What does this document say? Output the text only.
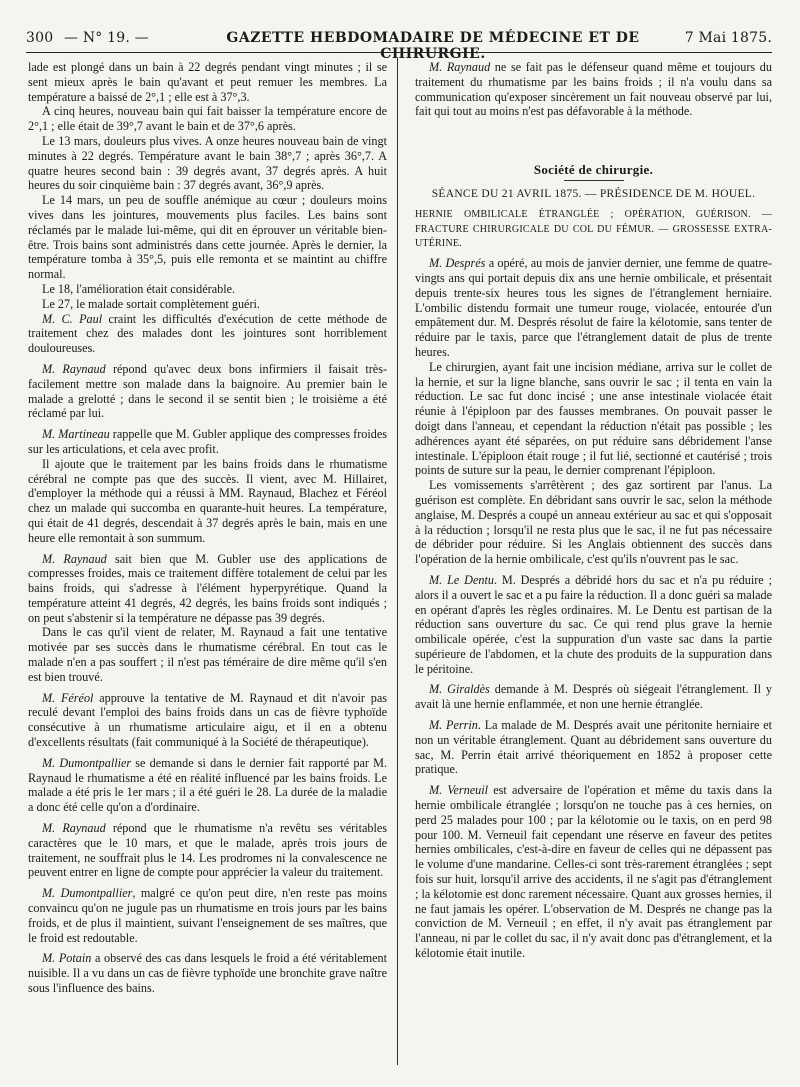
300 — N° 19. —	GAZETTE HEBDOMADAIRE DE MÉDECINE ET DE CHIRURGIE.
7 Mai 1875.

lade est plongé dans un bain à 22 degrés pendant vingt minutes ; il se sent mieux après le bain qu'avant et peut remuer les membres. La température a baissé de 2°,1 ; elle est à 37°,3.

A cinq heures, nouveau bain qui fait baisser la température encore de 2°,1 ; elle était de 39°,7 avant le bain et de 37°,6 après.

Le 13 mars, douleurs plus vives. A onze heures nouveau bain de vingt minutes à 22 degrés. Température avant le bain 38°,7 ; après 36°,7. A quatre heures second bain : 39 degrés avant, 37 degrés après. A huit heures du soir cinquième bain : 37 degrés avant, 36°,9 après.

Le 14 mars, un peu de souffle anémique au cœur ; douleurs moins vives dans les jointures, mouvements plus faciles. Les bains sont réclamés par le malade lui-même, qui dit en éprouver un véritable bien-être. Trois bains sont administrés dans cette journée. Après le dernier, la température tomba à 35°,5, puis elle remonta et se maintint au chiffre normal.

Le 18, l'amélioration était considérable.

Le 27, le malade sortait complètement guéri.

M. C. Paul craint les difficultés d'exécution de cette méthode de traitement chez des malades dont les jointures sont horriblement douloureuses.

M. Raynaud répond qu'avec deux bons infirmiers il faisait très-facilement mettre son malade dans la baignoire. Au premier bain le malade a grelotté ; dans le second il se sentit bien ; le troisième a été réclamé par lui.

M. Martineau rappelle que M. Gubler applique des compresses froides sur les articulations, et cela avec profit.

Il ajoute que le traitement par les bains froids dans le rhumatisme cérébral ne compte pas que des succès. Il vient, avec M. Hillairet, d'employer la méthode qui a réussi à MM. Raynaud, Blachez et Féréol chez un malade qui succomba en quarante-huit heures. La température, qui était de 41 degrés, descendait à 37 degrés après le bain, mais en une heure elle remontait à son summum.

M. Raynaud sait bien que M. Gubler use des applications de compresses froides, mais ce traitement diffère totalement de celui par les bains froids, qui s'adresse à l'élément hyperpyrétique. Quand la température atteint 41 degrés, 42 degrés, les bains froids sont indiqués ; on peut s'abstenir si la température ne dépasse pas 39 degrés.

Dans le cas qu'il vient de relater, M. Raynaud a fait une tentative motivée par ses succès dans le rhumatisme cérébral. En tout cas le malade n'en a pas souffert ; il n'est pas téméraire de dire même qu'il s'en est bien trouvé.

M. Féréol approuve la tentative de M. Raynaud et dit n'avoir pas reculé devant l'emploi des bains froids dans un cas de fièvre typhoïde consécutive à un rhumatisme articulaire aigu, et il en a obtenu d'excellents résultats (fait communiqué à la Société de thérapeutique).

M. Dumontpallier se demande si dans le dernier fait rapporté par M. Raynaud le rhumatisme a été en réalité influencé par les bains froids. Le malade a été pris le 1er mars ; il a été guéri le 28. La durée de la maladie a donc été celle qu'on a d'ordinaire.

M. Raynaud répond que le rhumatisme n'a revêtu ses véritables caractères que le 10 mars, et que le malade, après trois jours de traitement, ne souffrait plus le 14. Les prodromes ni la convalescence ne peuvent entrer en ligne de compte pour apprécier la valeur du traitement.

M. Dumontpallier, malgré ce qu'on peut dire, n'en reste pas moins convaincu qu'on ne jugule pas un rhumatisme en trois jours par les bains froids, et de plus il maintient, suivant l'enseignement de ses maîtres, que le froid est redoutable.

M. Potain a observé des cas dans lesquels le froid a été véritablement nuisible. Il a vu dans un cas de fièvre typhoïde une bronchite grave naître sous l'influence des bains.

M. Raynaud ne se fait pas le défenseur quand même et toujours du traitement du rhumatisme par les bains froids ; il n'a voulu dans sa communication qu'exposer sincèrement un fait nouveau observé par lui, fait qui tout au moins n'est pas défavorable à la méthode.

Société de chirurgie.

SÉANCE DU 21 AVRIL 1875. — PRÉSIDENCE DE M. HOUEL.

HERNIE OMBILICALE ÉTRANGLÉE ; OPÉRATION, GUÉRISON. — FRACTURE CHIRURGICALE DU COL DU FÉMUR. — GROSSESSE EXTRA-UTÉRINE.

M. Després a opéré, au mois de janvier dernier, une femme de quatre-vingts ans qui portait depuis dix ans une hernie ombilicale, et présentait depuis trente-six heures tous les signes de l'étranglement herniaire. L'ombilic distendu formait une tumeur rouge, violacée, entourée d'un empâtement dur. M. Després résolut de faire la kélotomie, sans tenter de réduire par le taxis, parce que l'étranglement datait de plus de trente heures.

Le chirurgien, ayant fait une incision médiane, arriva sur le collet de la hernie, et sur la ligne blanche, sans ouvrir le sac ; il tenta en vain la réduction. Le sac fut donc incisé ; une anse intestinale violacée était réunie à l'épiploon par des fausses membranes. On pouvait passer le doigt dans l'anneau, et cependant la réduction n'était pas possible ; les adhérences ayant été séparées, on put réduire sans débridement l'anse intestinale. L'épiploon était rouge ; il fut lié, sectionné et cautérisé ; trois points de suture sur la peau, le dernier comprenant l'épiploon.

Les vomissements s'arrêtèrent ; des gaz sortirent par l'anus. La guérison est complète. En débridant sans ouvrir le sac, selon la méthode anglaise, M. Després a coupé un anneau extérieur au sac et qui s'opposait à la réduction ; lorsqu'il ne resta plus que le sac, il ne fut pas nécessaire de débrider pour réduire. Si les Anglais obtiennent des succès dans l'opération de la hernie ombilicale, c'est qu'ils n'ouvrent pas le sac.

M. Le Dentu. M. Després a débridé hors du sac et n'a pu réduire ; alors il a ouvert le sac et a pu faire la réduction. Il a donc guéri sa malade en opérant d'après les règles ordinaires. M. Le Dentu est partisan de la réduction sans ouverture du sac. Ce qui rend plus grave la hernie ombilicale opérée, c'est la suppuration d'un vaste sac dans la partie supérieure de l'abdomen, et la chute des produits de la suppuration dans le péritoine.

M. Giraldès demande à M. Després où siégeait l'étranglement. Il y avait là une hernie enflammée, et non une hernie étranglée.

M. Perrin. La malade de M. Després avait une péritonite herniaire et non un véritable étranglement. Quant au débridement sans ouverture du sac, M. Perrin était arrivé théoriquement en 1852 à proposer cette pratique.

M. Verneuil est adversaire de l'opération et même du taxis dans la hernie ombilicale étranglée ; lorsqu'on ne touche pas à ces hernies, on perd 25 malades pour 100 ; par la kélotomie ou le taxis, on en perd 98 pour 100. M. Verneuil fait cependant une réserve en faveur des petites hernies ombilicales, c'est-à-dire en faveur de celles qui ne dépassent pas le volume d'une mandarine. Celles-ci sont très-rarement étranglées ; sept fois sur huit, lorsqu'il arrive des accidents, il ne s'agit pas d'étranglement ; la kélotomie est donc rarement nécessaire. Quant aux grosses hernies, il ne faut jamais les opérer. L'observation de M. Després ne change pas la conviction de M. Verneuil ; en effet, il n'y avait pas étranglement par l'anneau, ni par le collet du sac, il n'y avait donc pas d'étranglement, et la kélotomie était inutile.
